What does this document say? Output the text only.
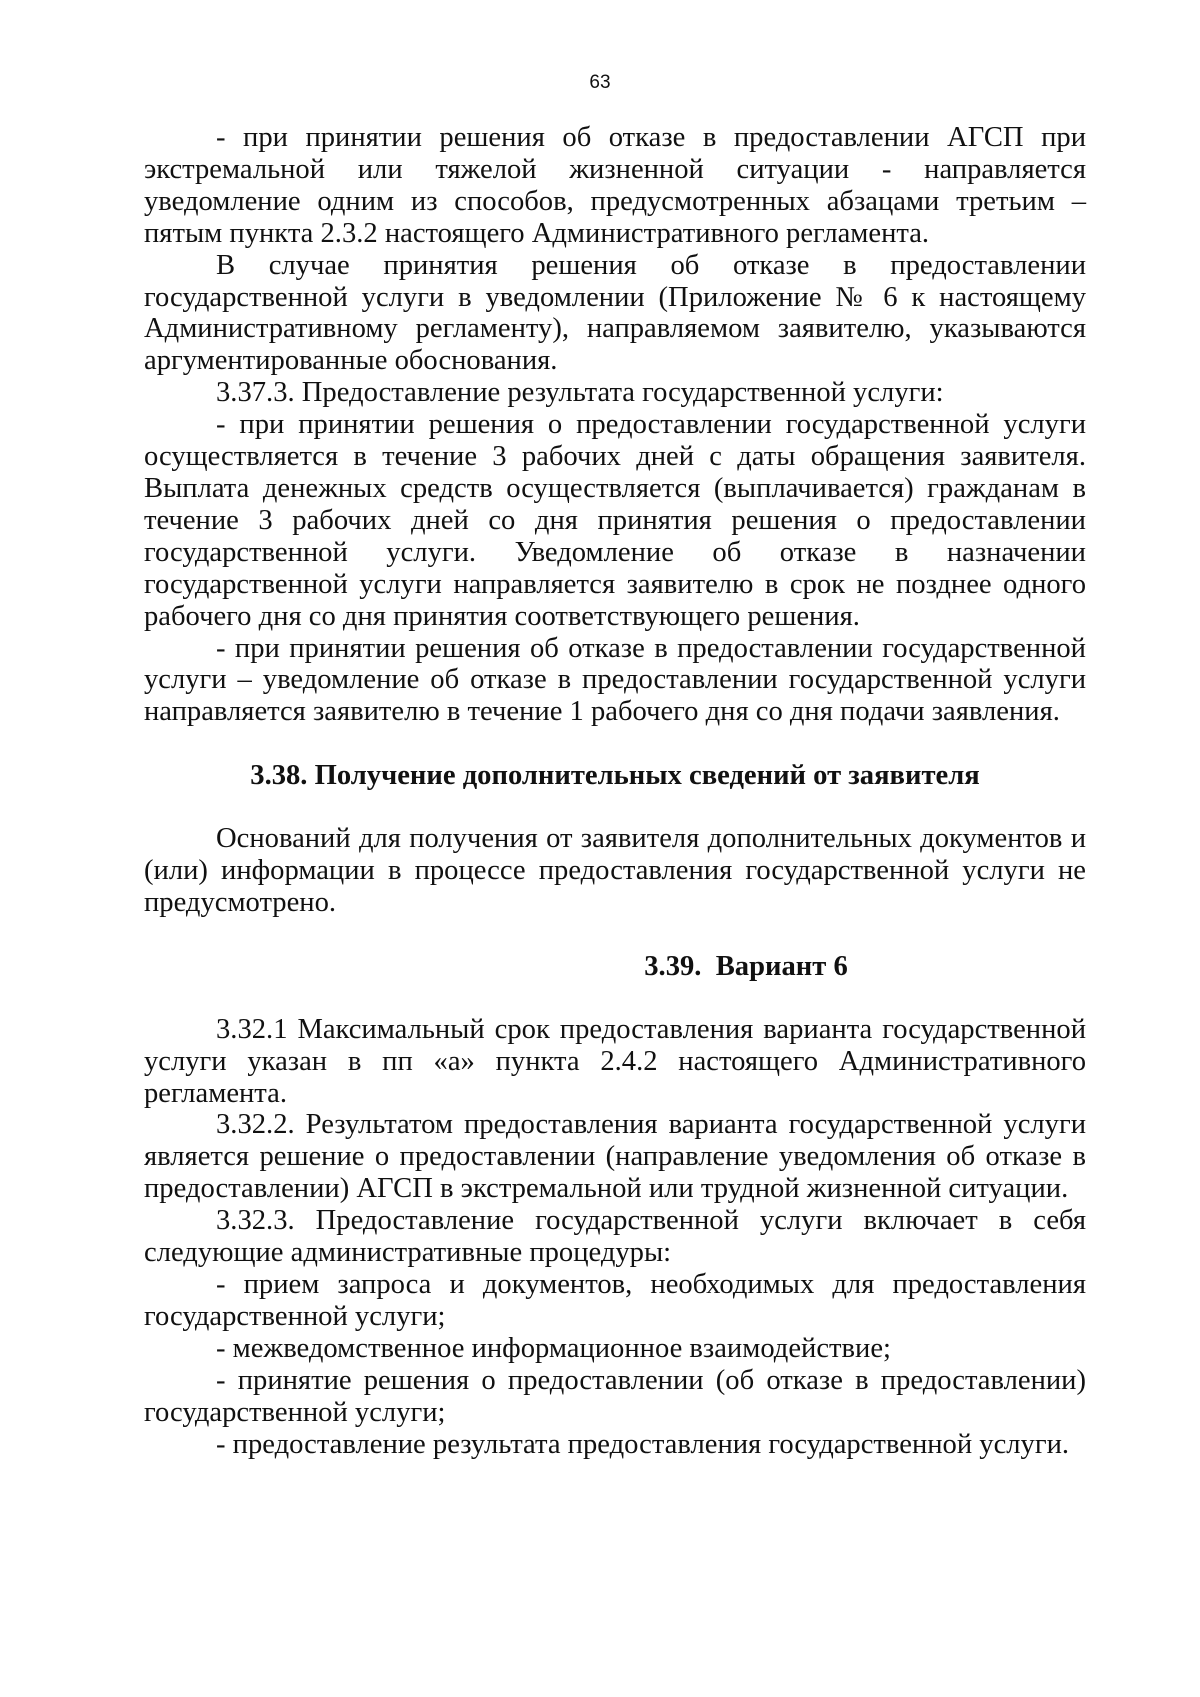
63

- при принятии решения об отказе в предоставлении АГСП при экстремальной или тяжелой жизненной ситуации - направляется уведомление одним из способов, предусмотренных абзацами третьим – пятым пункта 2.3.2 настоящего Административного регламента.

В случае принятия решения об отказе в предоставлении государственной услуги в уведомлении (Приложение № 6 к настоящему Административному регламенту), направляемом заявителю, указываются аргументированные обоснования.

3.37.3. Предоставление результата государственной услуги:

- при принятии решения о предоставлении государственной услуги осуществляется в течение 3 рабочих дней с даты обращения заявителя. Выплата денежных средств осуществляется (выплачивается) гражданам в течение 3 рабочих дней со дня принятия решения о предоставлении государственной услуги. Уведомление об отказе в назначении государственной услуги направляется заявителю в срок не позднее одного рабочего дня со дня принятия соответствующего решения.

- при принятии решения об отказе в предоставлении государственной услуги – уведомление об отказе в предоставлении государственной услуги направляется заявителю в течение 1 рабочего дня со дня подачи заявления.

3.38. Получение дополнительных сведений от заявителя

Оснований для получения от заявителя дополнительных документов и (или) информации в процессе предоставления государственной услуги не предусмотрено.

3.39.  Вариант 6

3.32.1 Максимальный срок предоставления варианта государственной услуги указан в пп «а» пункта 2.4.2 настоящего Административного регламента.

3.32.2. Результатом предоставления варианта государственной услуги является решение о предоставлении (направление уведомления об отказе в предоставлении) АГСП в экстремальной или трудной жизненной ситуации.

3.32.3. Предоставление государственной услуги включает в себя следующие административные процедуры:

- прием запроса и документов, необходимых для предоставления государственной услуги;

- межведомственное информационное взаимодействие;

- принятие решения о предоставлении (об отказе в предоставлении) государственной услуги;

- предоставление результата предоставления государственной услуги.
